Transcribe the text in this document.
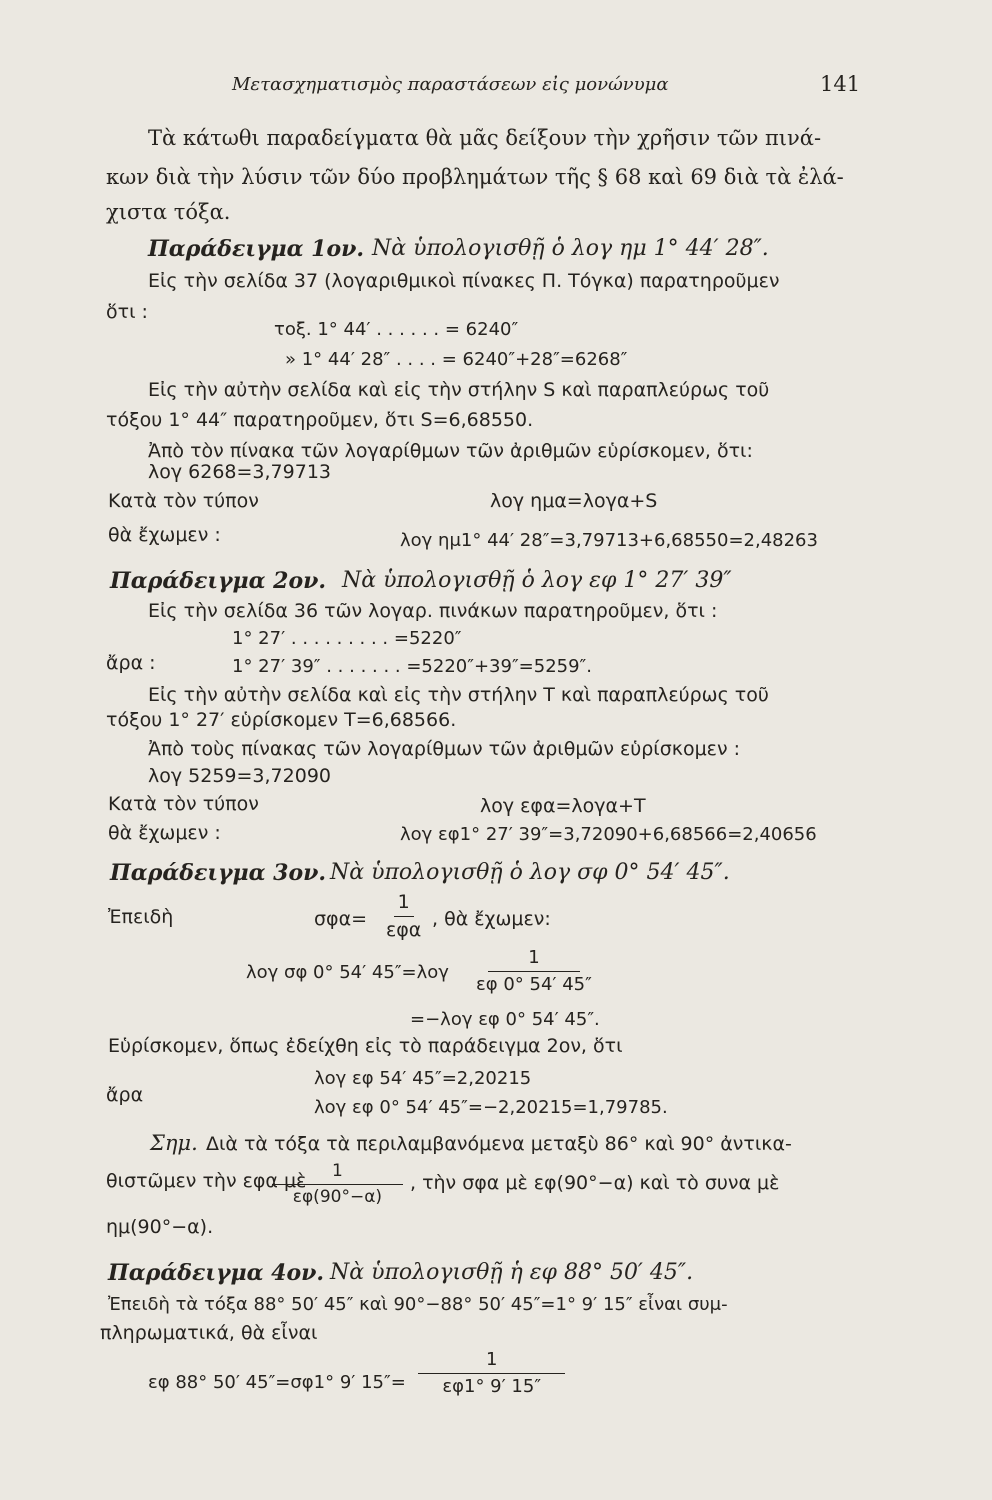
Μετασχηματισμὸς παραστάσεων εἰς μονώνυμα	141
Τὰ κάτωθι παραδείγματα θὰ μᾶς δείξουν τὴν χρῆσιν τῶν πινά-
κων διὰ τὴν λύσιν τῶν δύο προβλημάτων τῆς § 68 καὶ 69 διὰ τὰ ἐλά-
χιστα τόξα.
Παράδειγμα 1ον. Νὰ ὑπολογισθῇ ὁ λογ ημ 1° 44′ 28″.
Εἰς τὴν σελίδα 37 (λογαριθμικοὶ πίνακες Π. Τόγκα) παρατηροῦμεν
ὅτι :
τοξ. 1° 44′ . . . . . . = 6240″
» 1° 44′ 28″ . . . . = 6240″+28″=6268″
Εἰς τὴν αὐτὴν σελίδα καὶ εἰς τὴν στήλην S καὶ παραπλεύρως τοῦ
τόξου 1° 44″ παρατηροῦμεν, ὅτι S=6,68550.
Ἀπὸ τὸν πίνακα τῶν λογαρίθμων τῶν ἀριθμῶν εὑρίσκομεν, ὅτι:
λογ 6268=3,79713
Κατὰ τὸν τύπον	λογ ημα=λογα+S
θὰ ἔχωμεν :	λογ ημ1° 44′ 28″=3,79713+6,68550=2,48263
Παράδειγμα 2ον. Νὰ ὑπολογισθῇ ὁ λογ εφ 1° 27′ 39″
Εἰς τὴν σελίδα 36 τῶν λογαρ. πινάκων παρατηροῦμεν, ὅτι :
1° 27′ . . . . . . . . . =5220″
ἄρα :	1° 27′ 39″ . . . . . . . =5220″+39″=5259″.
Εἰς τὴν αὐτὴν σελίδα καὶ εἰς τὴν στήλην T καὶ παραπλεύρως τοῦ
τόξου 1° 27′ εὑρίσκομεν T=6,68566.
Ἀπὸ τοὺς πίνακας τῶν λογαρίθμων τῶν ἀριθμῶν εὑρίσκομεν :
λογ 5259=3,72090
Κατὰ τὸν τύπον	λογ εφα=λογα+T
θὰ ἔχωμεν :	λογ εφ1° 27′ 39″=3,72090+6,68566=2,40656
Παράδειγμα 3ον. Νὰ ὑπολογισθῇ ὁ λογ σφ 0° 54′ 45″.
Ἐπειδὴ	σφα=
1
εφα , θὰ ἔχωμεν:
λογ σφ 0° 54′ $45''=\lambda o\gamma \frac{1}{\varepsilon\varphi 0^\circ 54' 45''}$
=−λογ εφ 0° 54′ 45″.
Εὑρίσκομεν, ὅπως ἐδείχθη εἰς τὸ παράδειγμα 2ον, ὅτι
λογ εφ 54′ 45″=2,20215
ἄρα
λογ εφ 0° 54′ 45″=−2,20215=1,79785.
Σημ. Διὰ τὰ τόξα τὰ περιλαμβανόμενα μεταξὺ 86° καὶ 90° ἀντικα-
θιστῶμεν τὴν εφα μὲ
$\frac{1}{\varepsilon\varphi(90^\circ-\alpha)}$ , τὴν σφα μὲ εφ(90°−α) καὶ τὸ συνα μὲ
ημ(90°−α).
Παράδειγμα 4ον. Νὰ ὑπολογισθῇ ἡ εφ 88° 50′ 45″.
Ἐπειδὴ τὰ τόξα 88° 50′ 45″ καὶ 90°−88° 50′ 45″=1° 9′ 15″ εἶναι συμ-
πληρωματικά, θὰ εἶναι
εφ 88° 50′ 45″=σφ1° 9′ $15''= \frac{1}{\varepsilon\varphi 1^\circ 9' 15''}$
